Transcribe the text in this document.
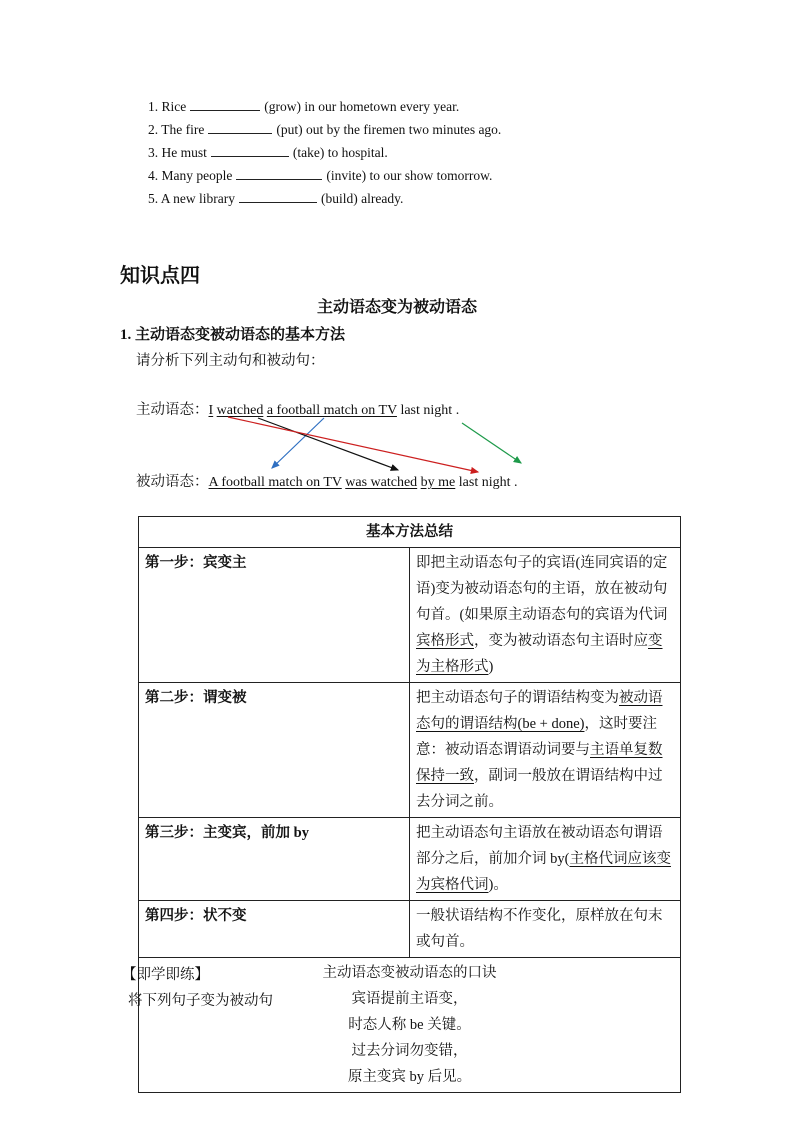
1. Rice	(grow) in our hometown every year.
2. The fire	(put) out by the firemen two minutes ago.
3. He must	(take) to hospital.
4. Many people	(invite) to our show tomorrow.
5. A new library	(build) already.
知识点四
主动语态变为被动语态
1. 主动语态变被动语态的基本方法
请分析下列主动句和被动句：
主动语态：I watched a football match on TV last night .
被动语态：A football match on TV was watched by me last night .
基本方法总结	
第一步：宾变主	即把主动语态句子的宾语(连同宾语的定语)变为被动语态句的主语，放在被动句句首。(如果原主动语态句的宾语为代词宾格形式，变为被动语态句主语时应变为主格形式)
第二步：谓变被	把主动语态句子的谓语结构变为被动语态句的谓语结构(be + done)，这时要注意：被动语态谓语动词要与主语单复数保持一致，副词一般放在谓语结构中过去分词之前。
第三步：主变宾，前加 by	把主动语态句主语放在被动语态句谓语部分之后，前加介词 by(主格代词应该变为宾格代词)。
第四步：状不变	一般状语结构不作变化，原样放在句末或句首。

主动语态变被动语态的口诀
宾语提前主语变，
时态人称 be 关键。
过去分词勿变错，
原主变宾 by 后见。	
【即学即练】
将下列句子变为被动句
